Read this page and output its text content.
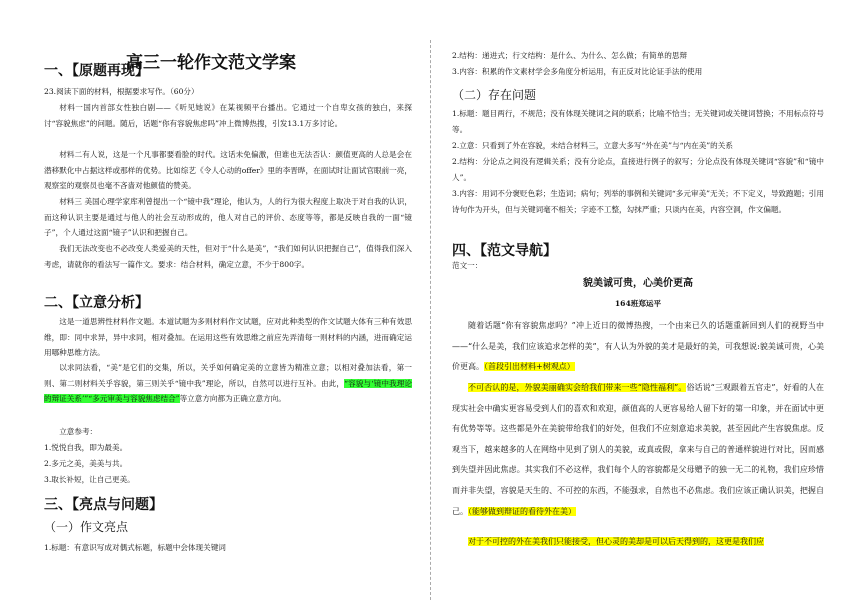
高三一轮作文范文学案
一、【原题再现】
23.阅读下面的材料，根据要求写作。（60分）
材料一国内首部女性独白剧——《听见她说》在某视频平台播出。它通过一个自卑女孩的独白，来探讨“容貌焦虑”的问题。随后，话题“你有容貌焦虑吗”冲上微博热搜，引发13.1万多讨论。
材料二有人说，这是一个凡事都要看脸的时代。这话未免偏激，但谁也无法否认：颜值更高的人总是会在潜移默化中占据这样或那样的优势。比如综艺《令人心动的offer》里的李晋晔，在面试时让面试官眼前一亮，观察室的观察员也毫不吝啬对他颜值的赞美。
材料三 美国心理学家库利曾提出一个“镜中我”理论，他认为，人的行为很大程度上取决于对自我的认识，而这种认识主要是通过与他人的社会互动形成的，他人对自己的评价、态度等等，都是反映自我的一面“镜子”，个人通过这面“镜子”认识和把握自己。
我们无法改变也不必改变人类爱美的天性，但对于“什么是美”，“我们如何认识把握自己”，值得我们深入考虑，请就你的看法写一篇作文。要求：结合材料，确定立意，不少于800字。
二、【立意分析】
这是一道思辨性材料作文题。本道试题为多则材料作文试题，应对此种类型的作文试题大体有三种有效思维，即：同中求异，异中求同，相对叠加。在运用这些有效思维之前应先弄清每一则材料的内涵，进而确定运用哪种思维方法。
以求同法看，“美”是它们的交集，所以，关乎如何确定美的立意皆为精准立意；以相对叠加法看，第一则、第二则材料关乎容貌，第三则关乎“镜中我”理论，所以，自然可以进行互补。由此，“容貌与‘镜中我理论的辩证关系’”“多元审美与容貌焦虑结合”等立意方向都为正确立意方向。
立意参考：
1.悦悦自我，即为最美。
2.多元之美，美美与共。
3.取长补短，让自己更美。
三、【亮点与问题】
（一）作文亮点
1.标题：有意识写成对偶式标题，标题中会体现关键词
2.结构：递进式；行文结构：是什么、为什么、怎么做；有简单的思辩
3.内容：积累的作文素材学会多角度分析运用，有正反对比论证手法的使用
（二）存在问题
1.标题：题目两行，不规范；没有体现关键词之间的联系；比喻不恰当；无关键词或关键词替换；不用标点符号等。
2.立意：只看到了外在容貌，未结合材料三，立意大多写“外在美”与“内在美”的关系
2.结构：分论点之间没有逻辑关系；没有分论点，直接进行例子的叙写；分论点没有体现关键词“容貌”和“镜中人”。
3.内容：用词不分褒贬色彩；生造词；病句；列举的事例和关键词“多元审美”无关；不下定义，导致跑题；引用诗句作为开头，但与关键词毫不相关；字迹不工整，勾抹严重；只谈内在美，内容空洞，作文偏题。
四、【范文导航】
范文一：
貌美诚可贵，心美价更高
164班郑运平
随着话题“你有容貌焦虑吗？”冲上近日的微博热搜，一个由来已久的话题重新回到人们的视野当中——“什么是美，我们应该追求怎样的美”，有人认为外貌的美才是最好的美，可我想说:貌美诚可贵，心美价更高。（首段引出材料+树观点）
不可否认的是，外貌美丽确实会给我们带来一些“隐性福利”。俗话说“三观跟着五官走”，好看的人在现实社会中确实更容易受到人们的喜欢和欢迎，颜值高的人更容易给人留下好的第一印象，并在面试中更有优势等等。这些都是外在美貌带给我们的好处，但我们不应刻意追求美貌，甚至因此产生容貌焦虑。反观当下，越来越多的人在网络中见到了别人的美貌，或真或假，拿来与自己的普通样貌进行对比，因而感到失望并因此焦虑。其实我们不必这样，我们每个人的容貌都是父母赠予的独一无二的礼物，我们应珍惜而并非失望，容貌是天生的、不可控的东西，不能强求，自然也不必焦虑。我们应该正确认识美，把握自己。（能够做到辩证的看待外在美）
对于不可控的外在美我们只能接受，但心灵的美却是可以后天得到的，这更是我们应
